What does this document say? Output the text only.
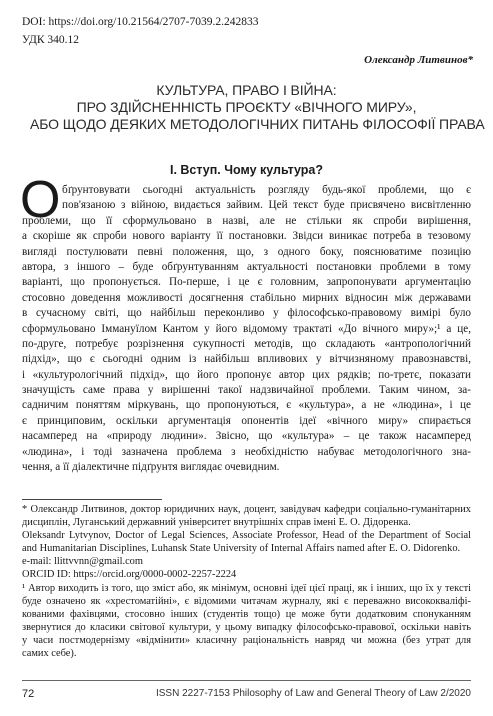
DOI: https://doi.org/10.21564/2707-7039.2.242833
УДК 340.12
Олександр Литвинов*
КУЛЬТУРА, ПРАВО І ВІЙНА:
ПРО ЗДІЙСНЕННІСТЬ ПРОЄКТУ «ВІЧНОГО МИРУ»,
АБО ЩОДО ДЕЯКИХ МЕТОДОЛОГІЧНИХ ПИТАНЬ ФІЛОСОФІЇ ПРАВА
I. Вступ. Чому культура?
О бґрунтовувати сьогодні актуальність розгляду будь-якої проблеми, що є
пов'язаною з війною, видається зайвим. Цей текст буде присвячено висвітленню
проблеми, що її сформульовано в назві, але не стільки як спроби вирішення,
а скоріше як спроби нового варіанту її постановки. Звідси виникає потреба в тезовому
вигляді постулювати певні положення, що, з одного боку, пояснюватиме позицію
автора, з іншого – буде обґрунтуванням актуальності постановки проблеми в тому
варіанті, що пропонується. По-перше, і це є головним, запропонувати аргументацію
стосовно доведення можливості досягнення стабільно мирних відносин між державами
в сучасному світі, що найбільш переконливо у філософсько-правовому вимірі було
сформульовано Іммануїлом Кантом у його відомому трактаті «До вічного миру»;¹ а це,
по-друге, потребує розрізнення сукупності методів, що складають «антропологічний
підхід», що є сьогодні одним із найбільш впливових у вітчизняному правознавстві,
і «культурологічний підхід», що його пропонує автор цих рядків; по-третє, показати
значущість саме права у вирішенні такої надзвичайної проблеми. Таким чином, за-
садничим поняттям міркувань, що пропонуються, є «культура», а не «людина», і це
є принциповим, оскільки аргументація опонентів ідеї «вічного миру» спирається
насамперед на «природу людини». Звісно, що «культура» – це також насамперед
«людина», і тоді зазначена проблема з необхідністю набуває методологічного зна-
чення, а її діалектичне підґрунтя виглядає очевидним.
* Олександр Литвинов, доктор юридичних наук, доцент, завідувач кафедри соціально-гуманітарних
дисциплін, Луганський державний університет внутрішніх справ імені Е. О. Дідоренка.
Oleksandr Lytvynov, Doctor of Legal Sciences, Associate Professor, Head of the Department of Social
and Humanitarian Disciplines, Luhansk State University of Internal Affairs named after E. O. Didorenko.
e-mail: llittvvnn@gmail.com
ORCID ID: https://orcid.org/0000-0002-2257-2224
¹ Автор виходить із того, що зміст або, як мінімум, основні ідеї цієї праці, як і інших, що їх у тексті
буде означено як «хрестоматійні», є відомими читачам журналу, які є переважно висококваліфі-
кованими фахівцями, стосовно інших (студентів тощо) це може бути додатковим спонуканням
звернутися до класики світової культури, у цьому випадку філософсько-правової, оскільки навіть
у часи постмодернізму «відмінити» класичну раціональність навряд чи можна (без утрат для
самих себе).
72	ISSN 2227-7153 Philosophy of Law and General Theory of Law 2/2020
